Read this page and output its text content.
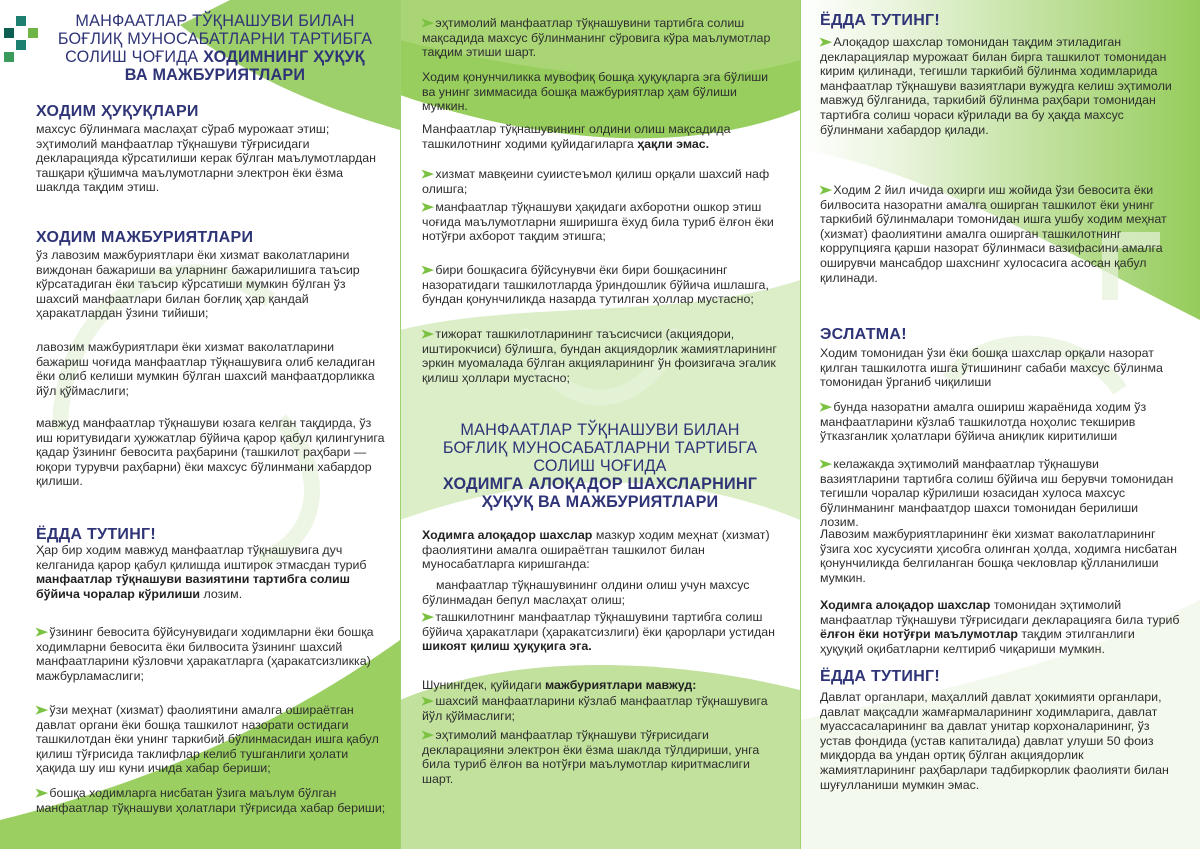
МАНФААТЛАР ТЎҚНАШУВИ БИЛАН
БОҒЛИҚ МУНОСАБАТЛАРНИ ТАРТИБГА
СОЛИШ ЧОҒИДА ХОДИМНИНГ ҲУҚУҚ
ВА МАЖБУРИЯТЛАРИ
ХОДИМ ҲУҚУҚЛАРИ
махсус бўлинмага маслаҳат сўраб мурожаат этиш; эҳтимолий манфаатлар тўқнашуви тўғрисидаги декларацияда кўрсатилиши керак бўлган маълумотлардан ташқари қўшимча маълумотларни электрон ёки ёзма шаклда тақдим этиш.
ХОДИМ МАЖБУРИЯТЛАРИ
ўз лавозим мажбуриятлари ёки хизмат ваколатларини виждонан бажариши ва уларнинг бажарилишига таъсир кўрсатадиган ёки таъсир кўрсатиши мумкин бўлган ўз шахсий манфаатлари билан боғлиқ ҳар қандай ҳаракатлардан ўзини тийиши;
лавозим мажбуриятлари ёки хизмат ваколатларини бажариш чоғида манфаатлар тўқнашувига олиб келадиган ёки олиб келиши мумкин бўлган шахсий манфаатдорликка йўл қўймаслиги;
мавжуд манфаатлар тўқнашуви юзага келган тақдирда, ўз иш юритувидаги ҳужжатлар бўйича қарор қабул қилингунига қадар ўзининг бевосита раҳбарини (ташкилот раҳбари — юқори турувчи раҳбарни) ёки махсус бўлинмани хабардор қилиши.
ЁДДА ТУТИНГ!
Ҳар бир ходим мавжуд манфаатлар тўқнашувига дуч келганида қарор қабул қилишда иштирок этмасдан туриб манфаатлар тўқнашуви вазиятини тартибга солиш бўйича чоралар кўрилиши лозим.
➤ўзининг бевосита бўйсунувидаги ходимларни ёки бошқа ходимларни бевосита ёки билвосита ўзининг шахсий манфаатларини кўзловчи ҳаракатларга (ҳаракатсизликка) мажбурламаслиги;
➤ўзи меҳнат (хизмат) фаолиятини амалга ошираётган давлат органи ёки бошқа ташкилот назорати остидаги ташкилотдан ёки унинг таркибий бўлинмасидан ишга қабул қилиш тўғрисида таклифлар келиб тушганлиги ҳолати ҳақида шу иш куни ичида хабар бериши;
➤бошқа ходимларга нисбатан ўзига маълум бўлган манфаатлар тўқнашуви ҳолатлари тўғрисида хабар бериши;
➤эҳтимолий манфаатлар тўқнашувини тартибга солиш мақсадида махсус бўлинманинг сўровига кўра маълумотлар тақдим этиши шарт.
Ходим қонунчиликка мувофиқ бошқа ҳуқуқларга эга бўлиши ва унинг зиммасида бошқа мажбуриятлар ҳам бўлиши мумкин.
Манфаатлар тўқнашувининг олдини олиш мақсадида ташкилотнинг ходими қуйидагиларга ҳақли эмас.
➤хизмат мавқеини суиистеъмол қилиш орқали шахсий наф олишга;
➤манфаатлар тўқнашуви ҳақидаги ахборотни ошкор этиш чоғида маълумотларни яширишга ёхуд била туриб ёлғон ёки нотўғри ахборот тақдим этишга;
➤бири бошқасига бўйсунувчи ёки бири бошқасининг назоратидаги ташкилотларда ўриндошлик бўйича ишлашга, бундан қонунчиликда назарда тутилган ҳоллар мустасно;
➤тижорат ташкилотларининг таъсисчиси (акциядори, иштирокчиси) бўлишга, бундан акциядорлик жамиятларининг эркин муомалада бўлган акцияларининг ўн фоизигача эгалик қилиш ҳоллари мустасно;
МАНФААТЛАР ТЎҚНАШУВИ БИЛАН
БОҒЛИҚ МУНОСАБАТЛАРНИ ТАРТИБГА
СОЛИШ ЧОҒИДА
ХОДИМГА АЛОҚАДОР ШАХСЛАРНИНГ
ҲУҚУҚ ВА МАЖБУРИЯТЛАРИ
Ходимга алоқадор шахслар мазкур ходим меҳнат (хизмат) фаолиятини амалга ошираётган ташкилот билан муносабатларга киришганда:
манфаатлар тўқнашувининг олдини олиш учун махсус бўлинмадан бепул маслаҳат олиш;
➤ташкилотнинг манфаатлар тўқнашувини тартибга солиш бўйича ҳаракатлари (ҳаракатсизлиги) ёки қарорлари устидан шикоят қилиш ҳуқуқига эга.
Шунингдек, қуйидаги мажбуриятлари мавжуд:
➤шахсий манфаатларини кўзлаб манфаатлар тўқнашувига йўл қўймаслиги;
➤эҳтимолий манфаатлар тўқнашуви тўғрисидаги декларацияни электрон ёки ёзма шаклда тўлдириши, унга била туриб ёлғон ва нотўғри маълумотлар киритмаслиги шарт.
ЁДДА ТУТИНГ!
➤Алоқадор шахслар томонидан тақдим этиладиган декларациялар мурожаат билан бирга ташкилот томонидан кирим қилинади, тегишли таркибий бўлинма ходимларида манфаатлар тўқнашуви вазиятлари вужудга келиш эҳтимоли мавжуд бўлганида, таркибий бўлинма раҳбари томонидан тартибга солиш чораси кўрилади ва бу ҳақда махсус бўлинмани хабардор қилади.
➤Ходим 2 йил ичида охирги иш жойида ўзи бевосита ёки билвосита назоратни амалга оширган ташкилот ёки унинг таркибий бўлинмалари томонидан ишга ушбу ходим меҳнат (хизмат) фаолиятини амалга оширган ташкилотнинг коррупцияга қарши назорат бўлинмаси вазифасини амалга оширувчи мансабдор шахснинг хулосасига асосан қабул қилинади.
ЭСЛАТМА!
Ходим томонидан ўзи ёки бошқа шахслар орқали назорат қилган ташкилотга ишга ўтишининг сабаби махсус бўлинма томонидан ўрганиб чиқилиши
➤бунда назоратни амалга ошириш жараёнида ходим ўз манфаатларини кўзлаб ташкилотда ноҳолис текширив ўтказганлик ҳолатлари бўйича аниқлик киритилиши
➤келажакда эҳтимолий манфаатлар тўқнашуви вазиятларини тартибга солиш бўйича иш берувчи томонидан тегишли чоралар кўрилиши юзасидан хулоса махсус бўлинманинг манфаатдор шахси томонидан берилиши лозим.
Лавозим мажбуриятларининг ёки хизмат ваколатларининг ўзига хос хусусияти ҳисобга олинган ҳолда, ходимга нисбатан қонунчиликда белгиланган бошқа чекловлар қўлланилиши мумкин.
Ходимга алоқадор шахслар томонидан эҳтимолий манфаатлар тўқнашуви тўғрисидаги декларацияга била туриб ёлғон ёки нотўғри маълумотлар тақдим этилганлиги ҳуқуқий оқибатларни келтириб чиқариши мумкин.
ЁДДА ТУТИНГ!
Давлат органлари, маҳаллий давлат ҳокимияти органлари, давлат мақсадли жамғармаларининг ходимларига, давлат муассасаларининг ва давлат унитар корхоналарининг, ўз устав фондида (устав капиталида) давлат улуши 50 фоиз миқдорда ва ундан ортиқ бўлган акциядорлик жамиятларининг раҳбарлари тадбиркорлик фаолияти билан шуғулланиши мумкин эмас.
